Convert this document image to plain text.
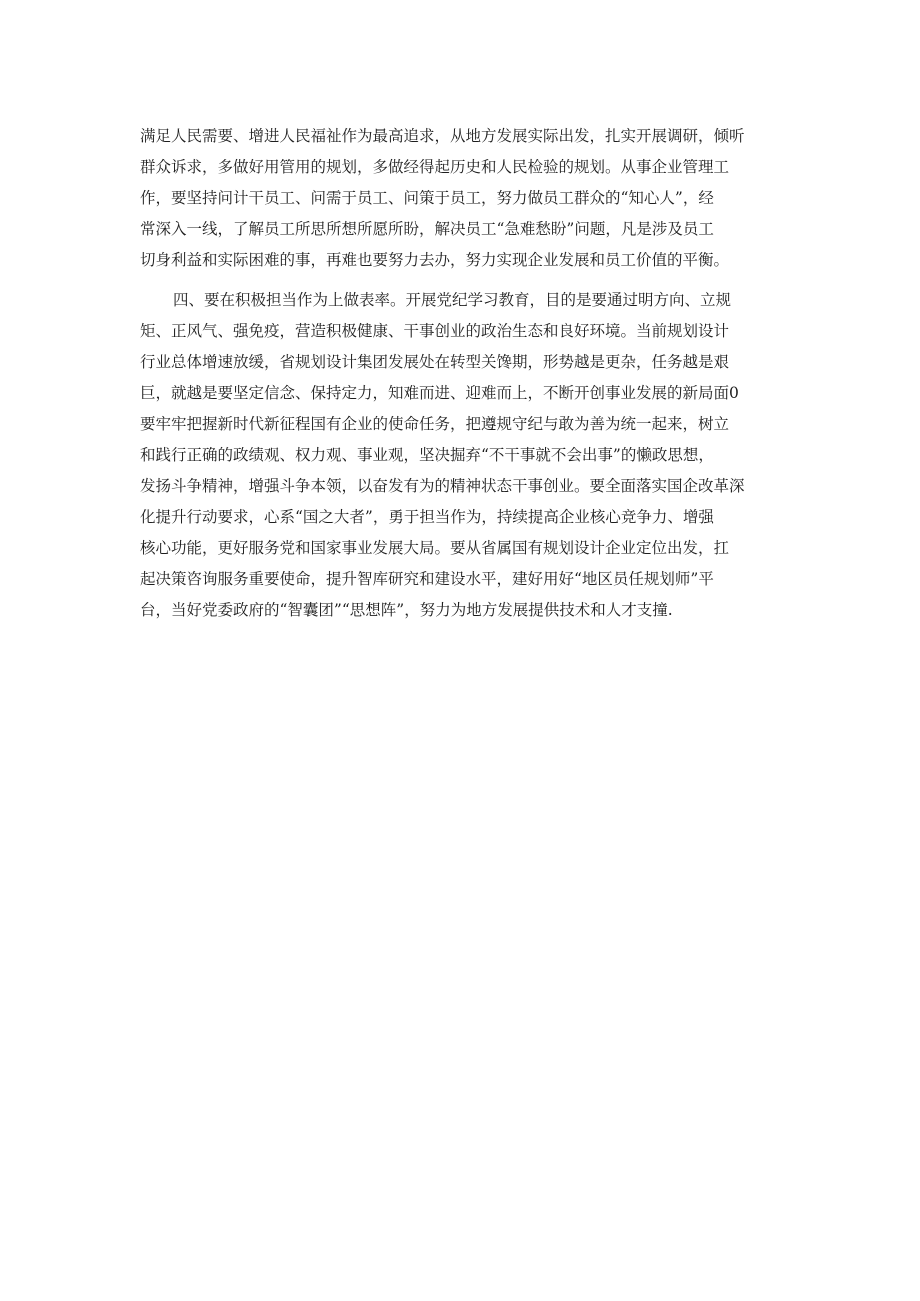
满足人民需要、增进人民福祉作为最高追求，从地方发展实际出发，扎实开展调研，倾听
群众诉求，多做好用管用的规划，多做经得起历史和人民检验的规划。从事企业管理工
作，要坚持问计干员工、问需于员工、问策于员工，努力做员工群众的“知心人”，经
常深入一线，了解员工所思所想所愿所盼，解决员工“急难愁盼”问题，凡是涉及员工
切身利益和实际困难的事，再难也要努力去办，努力实现企业发展和员工价值的平衡。
四、要在积极担当作为上做表率。开展党纪学习教育，目的是要通过明方向、立规
矩、正风气、强免疫，营造积极健康、干事创业的政治生态和良好环境。当前规划设计
行业总体增速放缓，省规划设计集团发展处在转型关馋期，形势越是更杂，任务越是艰
巨，就越是要坚定信念、保持定力，知难而进、迎难而上，不断开创事业发展的新局面0
要牢牢把握新时代新征程国有企业的使命任务，把遵规守纪与敢为善为统一起来，树立
和践行正确的政绩观、权力观、事业观，坚决掘弃“不干事就不会出事”的懒政思想，
发扬斗争精神，增强斗争本领，以奋发有为的精神状态干事创业。要全面落实国企改革深
化提升行动要求，心系“国之大者”，勇于担当作为，持续提高企业核心竞争力、增强
核心功能，更好服务党和国家事业发展大局。要从省属国有规划设计企业定位出发，扛
起决策咨询服务重要使命，提升智库研究和建设水平，建好用好“地区员任规划师”平
台，当好党委政府的“智囊团”“思想阵”，努力为地方发展提供技术和人才支撞.
